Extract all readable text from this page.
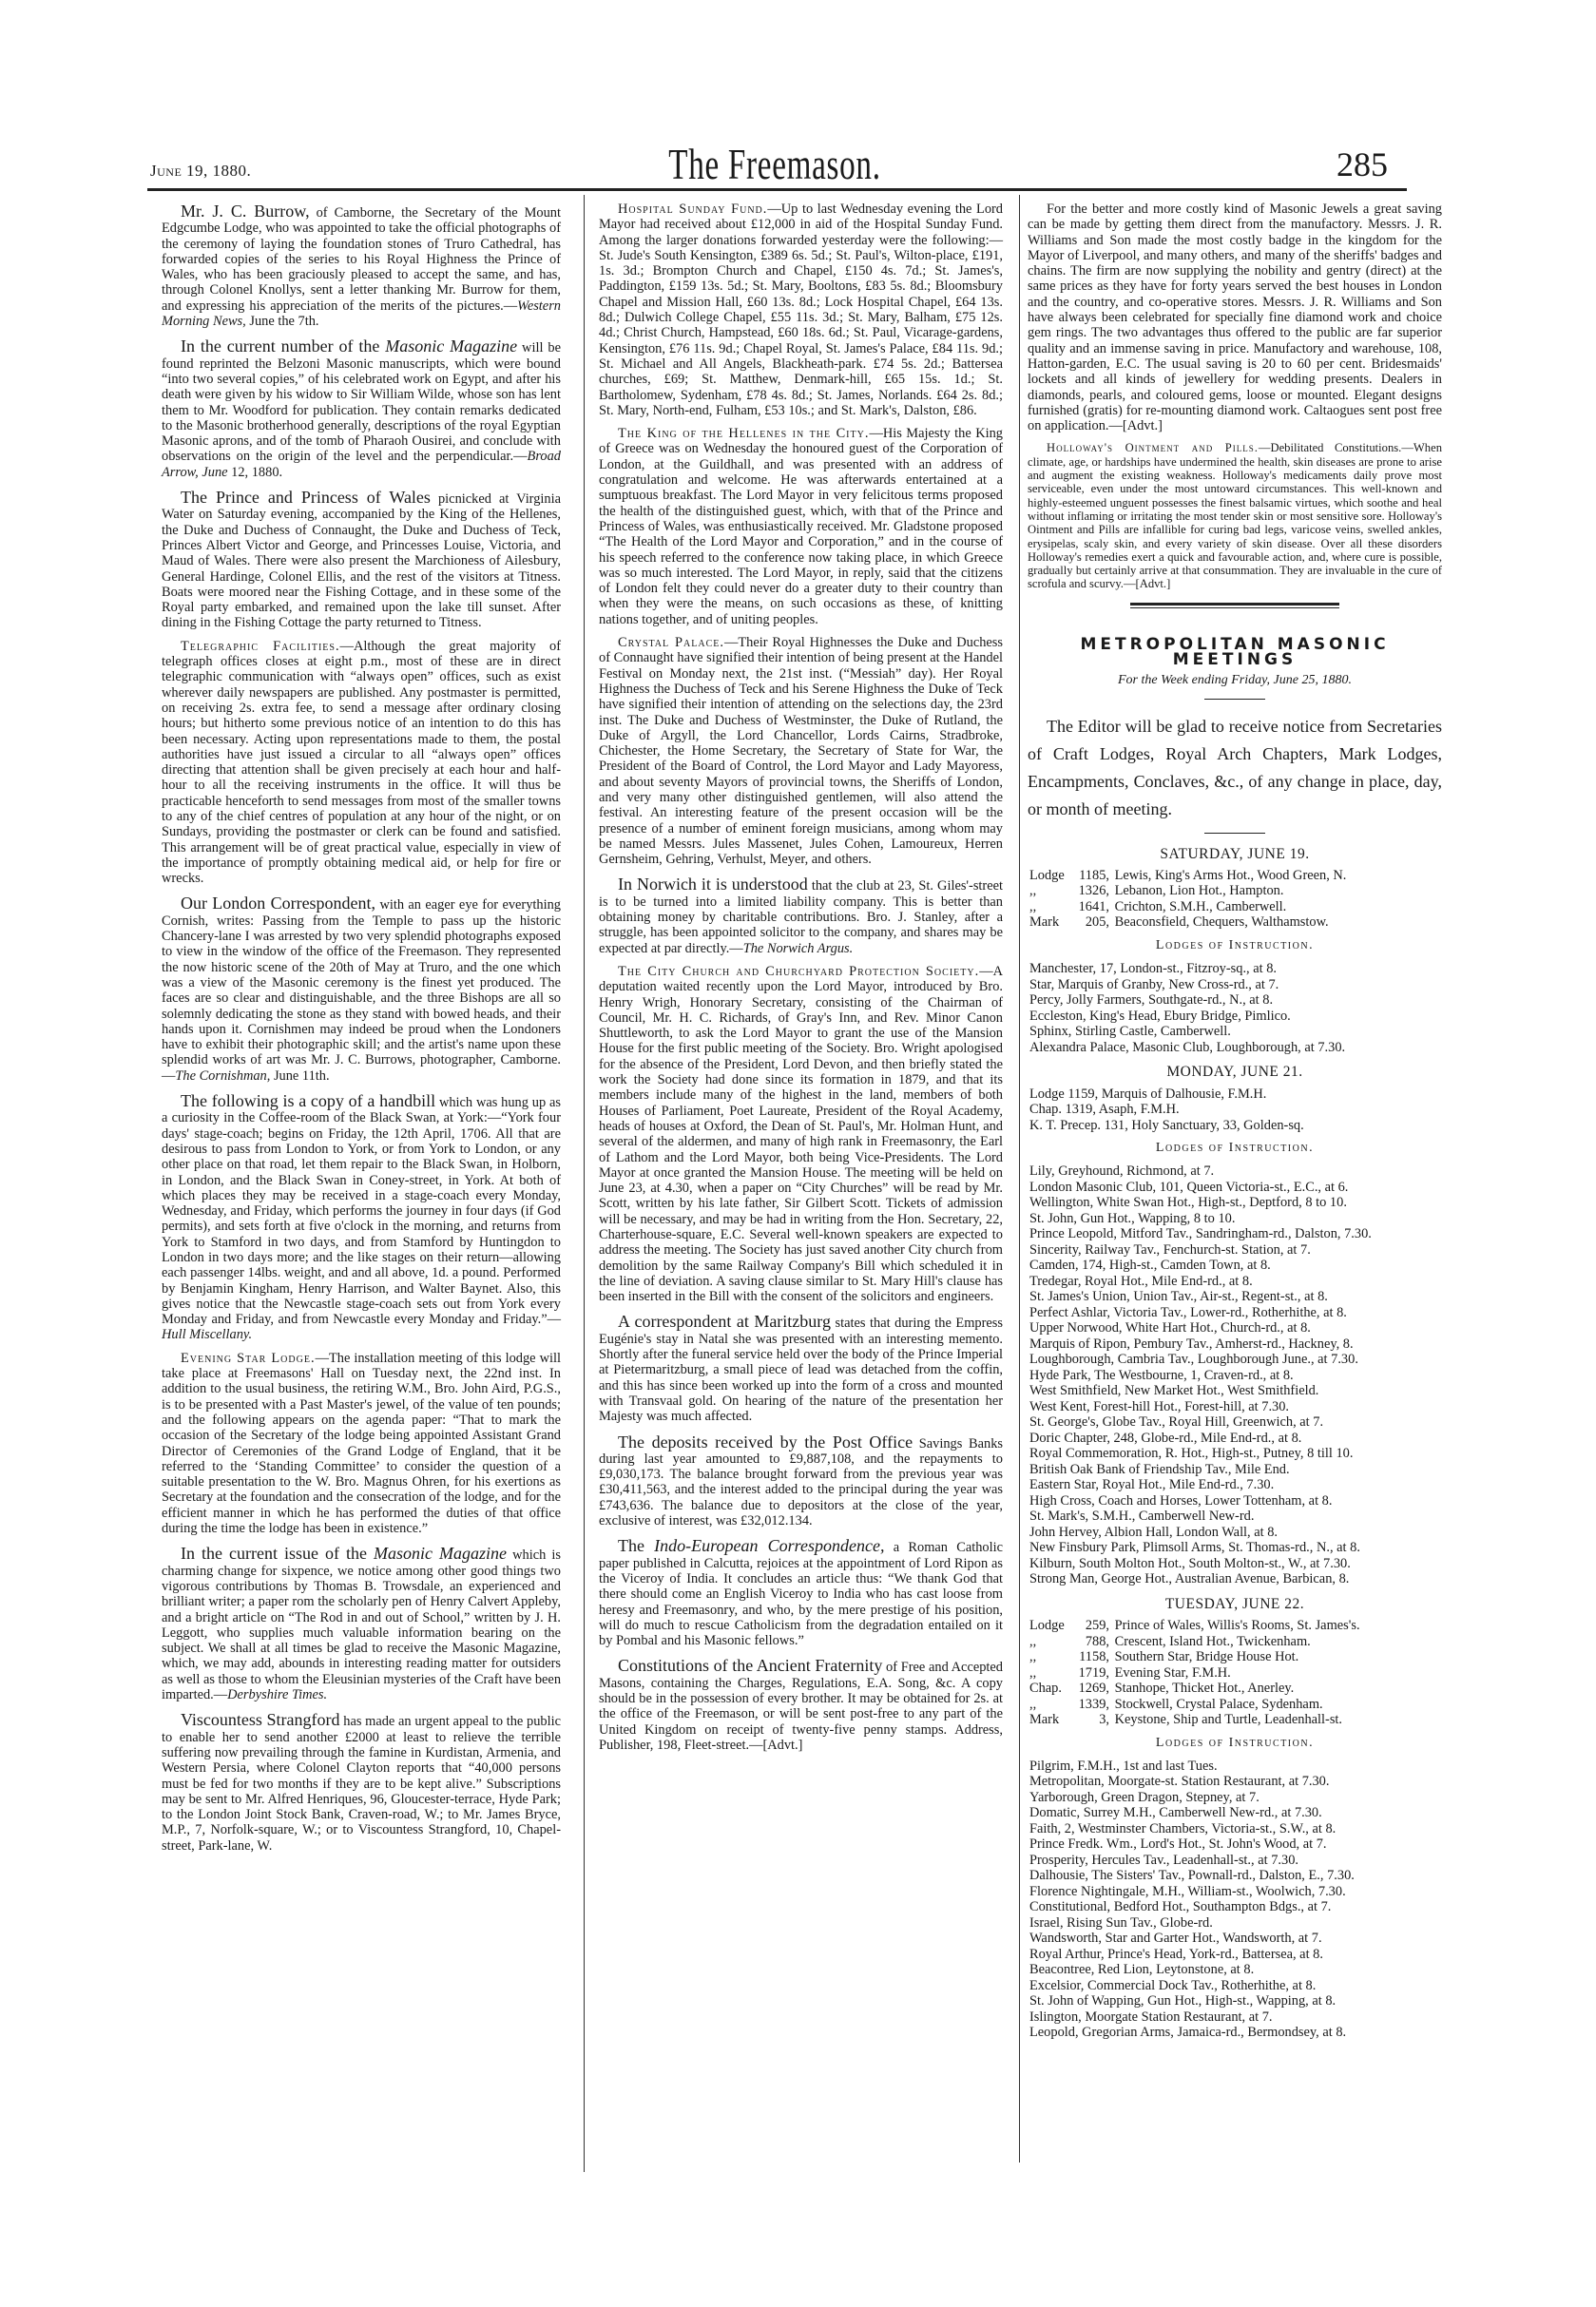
June 19, 1880.	The Freemason.	285

Mr. J. C. Burrow, of Camborne, the Secretary of the Mount Edgcumbe Lodge, who was appointed to take the official photographs of the ceremony of laying the foundation stones of Truro Cathedral, has forwarded copies of the series to his Royal Highness the Prince of Wales, who has been graciously pleased to accept the same, and has, through Colonel Knollys, sent a letter thanking Mr. Burrow for them, and expressing his appreciation of the merits of the pictures.—Western Morning News, June the 7th.

In the current number of the Masonic Magazine will be found reprinted the Belzoni Masonic manuscripts, which were bound “into two several copies,” of his celebrated work on Egypt, and after his death were given by his widow to Sir William Wilde, whose son has lent them to Mr. Woodford for publication. They contain remarks dedicated to the Masonic brotherhood generally, descriptions of the royal Egyptian Masonic aprons, and of the tomb of Pharaoh Ousirei, and conclude with observations on the origin of the level and the perpendicular.—Broad Arrow, June 12, 1880.

The Prince and Princess of Wales picnicked at Virginia Water on Saturday evening, accompanied by the King of the Hellenes, the Duke and Duchess of Connaught, the Duke and Duchess of Teck, Princes Albert Victor and George, and Princesses Louise, Victoria, and Maud of Wales. There were also present the Marchioness of Ailesbury, General Hardinge, Colonel Ellis, and the rest of the visitors at Titness. Boats were moored near the Fishing Cottage, and in these some of the Royal party embarked, and remained upon the lake till sunset. After dining in the Fishing Cottage the party returned to Titness.

Telegraphic Facilities.—Although the great majority of telegraph offices closes at eight p.m., most of these are in direct telegraphic communication with “always open” offices, such as exist wherever daily newspapers are published. Any postmaster is permitted, on receiving 2s. extra fee, to send a message after ordinary closing hours; but hitherto some previous notice of an intention to do this has been necessary. Acting upon representations made to them, the postal authorities have just issued a circular to all “always open” offices directing that attention shall be given precisely at each hour and half-hour to all the receiving instruments in the office. It will thus be practicable henceforth to send messages from most of the smaller towns to any of the chief centres of population at any hour of the night, or on Sundays, providing the postmaster or clerk can be found and satisfied. This arrangement will be of great practical value, especially in view of the importance of promptly obtaining medical aid, or help for fire or wrecks.

Our London Correspondent, with an eager eye for everything Cornish, writes: Passing from the Temple to pass up the historic Chancery-lane I was arrested by two very splendid photographs exposed to view in the window of the office of the Freemason. They represented the now historic scene of the 20th of May at Truro, and the one which was a view of the Masonic ceremony is the finest yet produced. The faces are so clear and distinguishable, and the three Bishops are all so solemnly dedicating the stone as they stand with bowed heads, and their hands upon it. Cornishmen may indeed be proud when the Londoners have to exhibit their photographic skill; and the artist's name upon these splendid works of art was Mr. J. C. Burrows, photographer, Camborne.—The Cornishman, June 11th.

The following is a copy of a handbill which was hung up as a curiosity in the Coffee-room of the Black Swan, at York:—“York four days' stage-coach; begins on Friday, the 12th April, 1706. All that are desirous to pass from London to York, or from York to London, or any other place on that road, let them repair to the Black Swan, in Holborn, in London, and the Black Swan in Coney-street, in York. At both of which places they may be received in a stage-coach every Monday, Wednesday, and Friday, which performs the journey in four days (if God permits), and sets forth at five o'clock in the morning, and returns from York to Stamford in two days, and from Stamford by Huntingdon to London in two days more; and the like stages on their return—allowing each passenger 14lbs. weight, and and all above, 1d. a pound. Performed by Benjamin Kingham, Henry Harrison, and Walter Baynet. Also, this gives notice that the Newcastle stage-coach sets out from York every Monday and Friday, and from Newcastle every Monday and Friday.”—Hull Miscellany.

Evening Star Lodge.—The installation meeting of this lodge will take place at Freemasons' Hall on Tuesday next, the 22nd inst. In addition to the usual business, the retiring W.M., Bro. John Aird, P.G.S., is to be presented with a Past Master's jewel, of the value of ten pounds; and the following appears on the agenda paper: “That to mark the occasion of the Secretary of the lodge being appointed Assistant Grand Director of Ceremonies of the Grand Lodge of England, that it be referred to the ‘Standing Committee’ to consider the question of a suitable presentation to the W. Bro. Magnus Ohren, for his exertions as Secretary at the foundation and the consecration of the lodge, and for the efficient manner in which he has performed the duties of that office during the time the lodge has been in existence.”

In the current issue of the Masonic Magazine which is charming change for sixpence, we notice among other good things two vigorous contributions by Thomas B. Trowsdale, an experienced and brilliant writer; a paper rom the scholarly pen of Henry Calvert Appleby, and a bright article on “The Rod in and out of School,” written by J. H. Leggott, who supplies much valuable information bearing on the subject. We shall at all times be glad to receive the Masonic Magazine, which, we may add, abounds in interesting reading matter for outsiders as well as those to whom the Eleusinian mysteries of the Craft have been imparted.—Derbyshire Times.

Viscountess Strangford has made an urgent appeal to the public to enable her to send another £2000 at least to relieve the terrible suffering now prevailing through the famine in Kurdistan, Armenia, and Western Persia, where Colonel Clayton reports that “40,000 persons must be fed for two months if they are to be kept alive.” Subscriptions may be sent to Mr. Alfred Henriques, 96, Gloucester-terrace, Hyde Park; to the London Joint Stock Bank, Craven-road, W.; to Mr. James Bryce, M.P., 7, Norfolk-square, W.; or to Viscountess Strangford, 10, Chapel-street, Park-lane, W.

Hospital Sunday Fund.—Up to last Wednesday evening the Lord Mayor had received about £12,000 in aid of the Hospital Sunday Fund. Among the larger donations forwarded yesterday were the following:—St. Jude's South Kensington, £389 6s. 5d.; St. Paul's, Wilton-place, £191, 1s. 3d.; Brompton Church and Chapel, £150 4s. 7d.; St. James's, Paddington, £159 13s. 5d.; St. Mary, Booltons, £83 5s. 8d.; Bloomsbury Chapel and Mission Hall, £60 13s. 8d.; Lock Hospital Chapel, £64 13s. 8d.; Dulwich College Chapel, £55 11s. 3d.; St. Mary, Balham, £75 12s. 4d.; Christ Church, Hampstead, £60 18s. 6d.; St. Paul, Vicarage-gardens, Kensington, £76 11s. 9d.; Chapel Royal, St. James's Palace, £84 11s. 9d.; St. Michael and All Angels, Blackheath-park. £74 5s. 2d.; Battersea churches, £69; St. Matthew, Denmark-hill, £65 15s. 1d.; St. Bartholomew, Sydenham, £78 4s. 8d.; St. James, Norlands. £64 2s. 8d.; St. Mary, North-end, Fulham, £53 10s.; and St. Mark's, Dalston, £86.

The King of the Hellenes in the City.—His Majesty the King of Greece was on Wednesday the honoured guest of the Corporation of London, at the Guildhall, and was presented with an address of congratulation and welcome. He was afterwards entertained at a sumptuous breakfast. The Lord Mayor in very felicitous terms proposed the health of the distinguished guest, which, with that of the Prince and Princess of Wales, was enthusiastically received. Mr. Gladstone proposed “The Health of the Lord Mayor and Corporation,” and in the course of his speech referred to the conference now taking place, in which Greece was so much interested. The Lord Mayor, in reply, said that the citizens of London felt they could never do a greater duty to their country than when they were the means, on such occasions as these, of knitting nations together, and of uniting peoples.

Crystal Palace.—Their Royal Highnesses the Duke and Duchess of Connaught have signified their intention of being present at the Handel Festival on Monday next, the 21st inst. (“Messiah” day). Her Royal Highness the Duchess of Teck and his Serene Highness the Duke of Teck have signified their intention of attending on the selections day, the 23rd inst. The Duke and Duchess of Westminster, the Duke of Rutland, the Duke of Argyll, the Lord Chancellor, Lords Cairns, Stradbroke, Chichester, the Home Secretary, the Secretary of State for War, the President of the Board of Control, the Lord Mayor and Lady Mayoress, and about seventy Mayors of provincial towns, the Sheriffs of London, and very many other distinguished gentlemen, will also attend the festival. An interesting feature of the present occasion will be the presence of a number of eminent foreign musicians, among whom may be named Messrs. Jules Massenet, Jules Cohen, Lamoureux, Herren Gernsheim, Gehring, Verhulst, Meyer, and others.

In Norwich it is understood that the club at 23, St. Giles'-street is to be turned into a limited liability company. This is better than obtaining money by charitable contributions. Bro. J. Stanley, after a struggle, has been appointed solicitor to the company, and shares may be expected at par directly.—The Norwich Argus.

The City Church and Churchyard Protection Society.—A deputation waited recently upon the Lord Mayor, introduced by Bro. Henry Wrigh, Honorary Secretary, consisting of the Chairman of Council, Mr. H. C. Richards, of Gray's Inn, and Rev. Minor Canon Shuttleworth, to ask the Lord Mayor to grant the use of the Mansion House for the first public meeting of the Society. Bro. Wright apologised for the absence of the President, Lord Devon, and then briefly stated the work the Society had done since its formation in 1879, and that its members include many of the highest in the land, members of both Houses of Parliament, Poet Laureate, President of the Royal Academy, heads of houses at Oxford, the Dean of St. Paul's, Mr. Holman Hunt, and several of the aldermen, and many of high rank in Freemasonry, the Earl of Lathom and the Lord Mayor, both being Vice-Presidents. The Lord Mayor at once granted the Mansion House. The meeting will be held on June 23, at 4.30, when a paper on “City Churches” will be read by Mr. Scott, written by his late father, Sir Gilbert Scott. Tickets of admission will be necessary, and may be had in writing from the Hon. Secretary, 22, Charterhouse-square, E.C. Several well-known speakers are expected to address the meeting. The Society has just saved another City church from demolition by the same Railway Company's Bill which scheduled it in the line of deviation. A saving clause similar to St. Mary Hill's clause has been inserted in the Bill with the consent of the solicitors and engineers.

A correspondent at Maritzburg states that during the Empress Eugénie's stay in Natal she was presented with an interesting memento. Shortly after the funeral service held over the body of the Prince Imperial at Pietermaritzburg, a small piece of lead was detached from the coffin, and this has since been worked up into the form of a cross and mounted with Transvaal gold. On hearing of the nature of the presentation her Majesty was much affected.

The deposits received by the Post Office Savings Banks during last year amounted to £9,887,108, and the repayments to £9,030,173. The balance brought forward from the previous year was £30,411,563, and the interest added to the principal during the year was £743,636. The balance due to depositors at the close of the year, exclusive of interest, was £32,012.134.

The Indo-European Correspondence, a Roman Catholic paper published in Calcutta, rejoices at the appointment of Lord Ripon as the Viceroy of India. It concludes an article thus: “We thank God that there should come an English Viceroy to India who has cast loose from heresy and Freemasonry, and who, by the mere prestige of his position, will do much to rescue Catholicism from the degradation entailed on it by Pombal and his Masonic fellows.”

Constitutions of the Ancient Fraternity of Free and Accepted Masons, containing the Charges, Regulations, E.A. Song, &c. A copy should be in the possession of every brother. It may be obtained for 2s. at the office of the Freemason, or will be sent post-free to any part of the United Kingdom on receipt of twenty-five penny stamps. Address, Publisher, 198, Fleet-street.—[Advt.]

For the better and more costly kind of Masonic Jewels a great saving can be made by getting them direct from the manufactory. Messrs. J. R. Williams and Son made the most costly badge in the kingdom for the Mayor of Liverpool, and many others, and many of the sheriffs' badges and chains. The firm are now supplying the nobility and gentry (direct) at the same prices as they have for forty years served the best houses in London and the country, and co-operative stores. Messrs. J. R. Williams and Son have always been celebrated for specially fine diamond work and choice gem rings. The two advantages thus offered to the public are far superior quality and an immense saving in price. Manufactory and warehouse, 108, Hatton-garden, E.C. The usual saving is 20 to 60 per cent. Bridesmaids' lockets and all kinds of jewellery for wedding presents. Dealers in diamonds, pearls, and coloured gems, loose or mounted. Elegant designs furnished (gratis) for re-mounting diamond work. Caltaogues sent post free on application.—[Advt.]

Holloway's Ointment and Pills.—Debilitated Constitutions.—When climate, age, or hardships have undermined the health, skin diseases are prone to arise and augment the existing weakness. Holloway's medicaments daily prove most serviceable, even under the most untoward circumstances. This well-known and highly-esteemed unguent possesses the finest balsamic virtues, which soothe and heal without inflaming or irritating the most tender skin or most sensitive sore. Holloway's Ointment and Pills are infallible for curing bad legs, varicose veins, swelled ankles, erysipelas, scaly skin, and every variety of skin disease. Over all these disorders Holloway's remedies exert a quick and favourable action, and, where cure is possible, gradually but certainly arrive at that consummation. They are invaluable in the cure of scrofula and scurvy.—[Advt.]

METROPOLITAN MASONIC MEETINGS
For the Week ending Friday, June 25, 1880.

The Editor will be glad to receive notice from Secretaries of Craft Lodges, Royal Arch Chapters, Mark Lodges, Encampments, Conclaves, &c., of any change in place, day, or month of meeting.

SATURDAY, JUNE 19.
Lodge 1185, Lewis, King's Arms Hot., Wood Green, N.
,,	1326, Lebanon, Lion Hot., Hampton.
,,	1641, Crichton, S.M.H., Camberwell.
Mark 205, Beaconsfield, Chequers, Walthamstow.
Lodges of Instruction.
Manchester, 17, London-st., Fitzroy-sq., at 8.
Star, Marquis of Granby, New Cross-rd., at 7.
Percy, Jolly Farmers, Southgate-rd., N., at 8.
Eccleston, King's Head, Ebury Bridge, Pimlico.
Sphinx, Stirling Castle, Camberwell.
Alexandra Palace, Masonic Club, Loughborough, at 7.30.
MONDAY, JUNE 21.
Lodge 1159, Marquis of Dalhousie, F.M.H.
Chap. 1319, Asaph, F.M.H.
K. T. Precep. 131, Holy Sanctuary, 33, Golden-sq.
Lodges of Instruction.
Lily, Greyhound, Richmond, at 7.
London Masonic Club, 101, Queen Victoria-st., E.C., at 6.
Wellington, White Swan Hot., High-st., Deptford, 8 to 10.
St. John, Gun Hot., Wapping, 8 to 10.
Prince Leopold, Mitford Tav., Sandringham-rd., Dalston, 7.30.
Sincerity, Railway Tav., Fenchurch-st. Station, at 7.
Camden, 174, High-st., Camden Town, at 8.
Tredegar, Royal Hot., Mile End-rd., at 8.
St. James's Union, Union Tav., Air-st., Regent-st., at 8.
Perfect Ashlar, Victoria Tav., Lower-rd., Rotherhithe, at 8.
Upper Norwood, White Hart Hot., Church-rd., at 8.
Marquis of Ripon, Pembury Tav., Amherst-rd., Hackney, 8.
Loughborough, Cambria Tav., Loughborough June., at 7.30.
Hyde Park, The Westbourne, 1, Craven-rd., at 8.
West Smithfield, New Market Hot., West Smithfield.
West Kent, Forest-hill Hot., Forest-hill, at 7.30.
St. George's, Globe Tav., Royal Hill, Greenwich, at 7.
Doric Chapter, 248, Globe-rd., Mile End-rd., at 8.
Royal Commemoration, R. Hot., High-st., Putney, 8 till 10.
British Oak Bank of Friendship Tav., Mile End.
Eastern Star, Royal Hot., Mile End-rd., 7.30.
High Cross, Coach and Horses, Lower Tottenham, at 8.
St. Mark's, S.M.H., Camberwell New-rd.
John Hervey, Albion Hall, London Wall, at 8.
New Finsbury Park, Plimsoll Arms, St. Thomas-rd., N., at 8.
Kilburn, South Molton Hot., South Molton-st., W., at 7.30.
Strong Man, George Hot., Australian Avenue, Barbican, 8.
TUESDAY, JUNE 22.
Lodge 259, Prince of Wales, Willis's Rooms, St. James's.
,,	788, Crescent, Island Hot., Twickenham.
,,	1158, Southern Star, Bridge House Hot.
,,	1719, Evening Star, F.M.H.
Chap. 1269, Stanhope, Thicket Hot., Anerley.
,,	1339, Stockwell, Crystal Palace, Sydenham.
Mark	3, Keystone, Ship and Turtle, Leadenhall-st.
Lodges of Instruction.
Pilgrim, F.M.H., 1st and last Tues.
Metropolitan, Moorgate-st. Station Restaurant, at 7.30.
Yarborough, Green Dragon, Stepney, at 7.
Domatic, Surrey M.H., Camberwell New-rd., at 7.30.
Faith, 2, Westminster Chambers, Victoria-st., S.W., at 8.
Prince Fredk. Wm., Lord's Hot., St. John's Wood, at 7.
Prosperity, Hercules Tav., Leadenhall-st., at 7.30.
Dalhousie, The Sisters' Tav., Pownall-rd., Dalston, E., 7.30.
Florence Nightingale, M.H., William-st., Woolwich, 7.30.
Constitutional, Bedford Hot., Southampton Bdgs., at 7.
Israel, Rising Sun Tav., Globe-rd.
Wandsworth, Star and Garter Hot., Wandsworth, at 7.
Royal Arthur, Prince's Head, York-rd., Battersea, at 8.
Beacontree, Red Lion, Leytonstone, at 8.
Excelsior, Commercial Dock Tav., Rotherhithe, at 8.
St. John of Wapping, Gun Hot., High-st., Wapping, at 8.
Islington, Moorgate Station Restaurant, at 7.
Leopold, Gregorian Arms, Jamaica-rd., Bermondsey, at 8.
